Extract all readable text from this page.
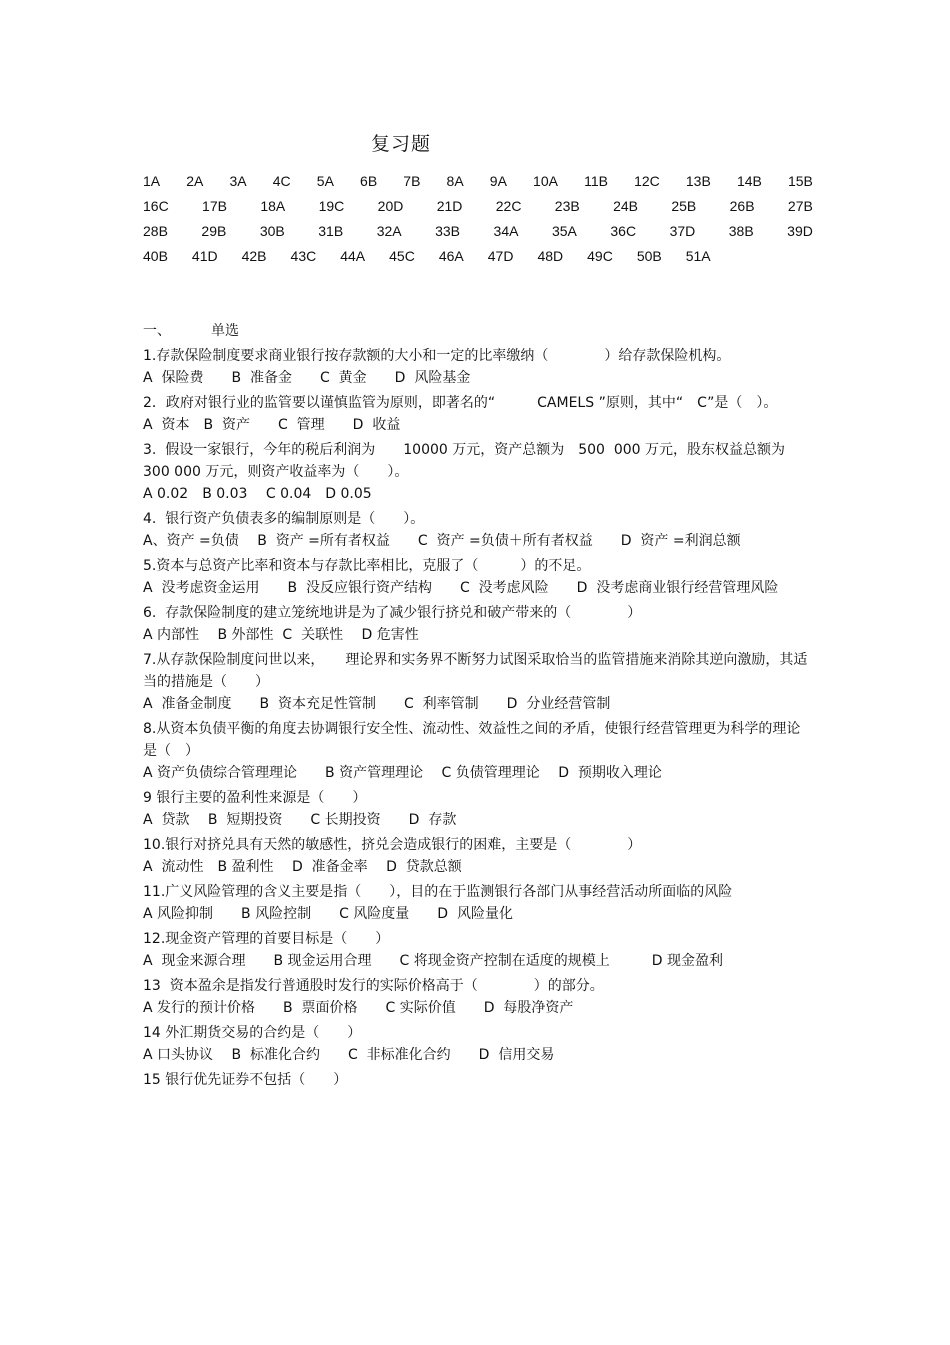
复习题
1A 2A 3A 4C 5A 6B 7B 8A 9A 10A 11B 12C 13B 14B 15B
16C 17B 18A 19C 20D 21D 22C 23B 24B 25B 26B 27B
28B 29B 30B 31B 32A 33B 34A 35A 36C 37D 38B 39D
40B 41D 42B 43C 44A 45C 46A 47D 48D 49C 50B 51A
一、	单选

1.存款保险制度要求商业银行按存款额的大小和一定的比率缴纳（　　　　）给存款保险机构。

A  保险费　　B  准备金　　C  黄金　　D  风险基金

2．政府对银行业的监管要以谨慎监管为原则，即著名的“　　　CAMELS ”原则，其中“　C”是（　）。

A  资本　B  资产　　C  管理　　D  收益

3.  假设一家银行，今年的税后利润为　　10000 万元，资产总额为　500  000 万元，股东权益总额为  300 000 万元，则资产收益率为（　　）。

A 0.02　B 0.03　 C 0.04　D 0.05

4.  银行资产负债表多的编制原则是（　　）。

A、资产 =负债　 B  资产 =所有者权益　　C  资产 =负债＋所有者权益　　D  资产 =利润总额

5.资本与总资产比率和资本与存款比率相比，克服了（　　　）的不足。

A  没考虑资金运用　　B  没反应银行资产结构　　C  没考虑风险　　D  没考虑商业银行经营管理风险

6.  存款保险制度的建立笼统地讲是为了减少银行挤兑和破产带来的（　　　　）

A 内部性　 B 外部性  C  关联性　 D 危害性

7.从存款保险制度问世以来，　　理论界和实务界不断努力试图采取恰当的监管措施来消除其逆向激励，其适当的措施是（　　）

A  准备金制度　　B  资本充足性管制　　C  利率管制　　D  分业经营管制

8.从资本负债平衡的角度去协调银行安全性、流动性、效益性之间的矛盾，使银行经营管理更为科学的理论是（　）

A 资产负债综合管理理论　　B 资产管理理论　 C 负债管理理论　 D  预期收入理论

9 银行主要的盈利性来源是（　　）

A  贷款　 B  短期投资　　C 长期投资　　D  存款

10.银行对挤兑具有天然的敏感性，挤兑会造成银行的困难，主要是（　　　　）

A  流动性　B 盈利性　 D  准备金率　 D  贷款总额

11.广义风险管理的含义主要是指（　　），目的在于监测银行各部门从事经营活动所面临的风险

A 风险抑制　　B 风险控制　　C 风险度量　　D  风险量化

12.现金资产管理的首要目标是（　　）

A  现金来源合理　　B 现金运用合理　　C 将现金资产控制在适度的规模上　　　D 现金盈利

13  资本盈余是指发行普通股时发行的实际价格高于（　　　　）的部分。

A 发行的预计价格　　B  票面价格　　C 实际价值　　D  每股净资产

14 外汇期货交易的合约是（　　）

A 口头协议　 B  标准化合约　　C  非标准化合约　　D  信用交易

15 银行优先证券不包括（　　）
